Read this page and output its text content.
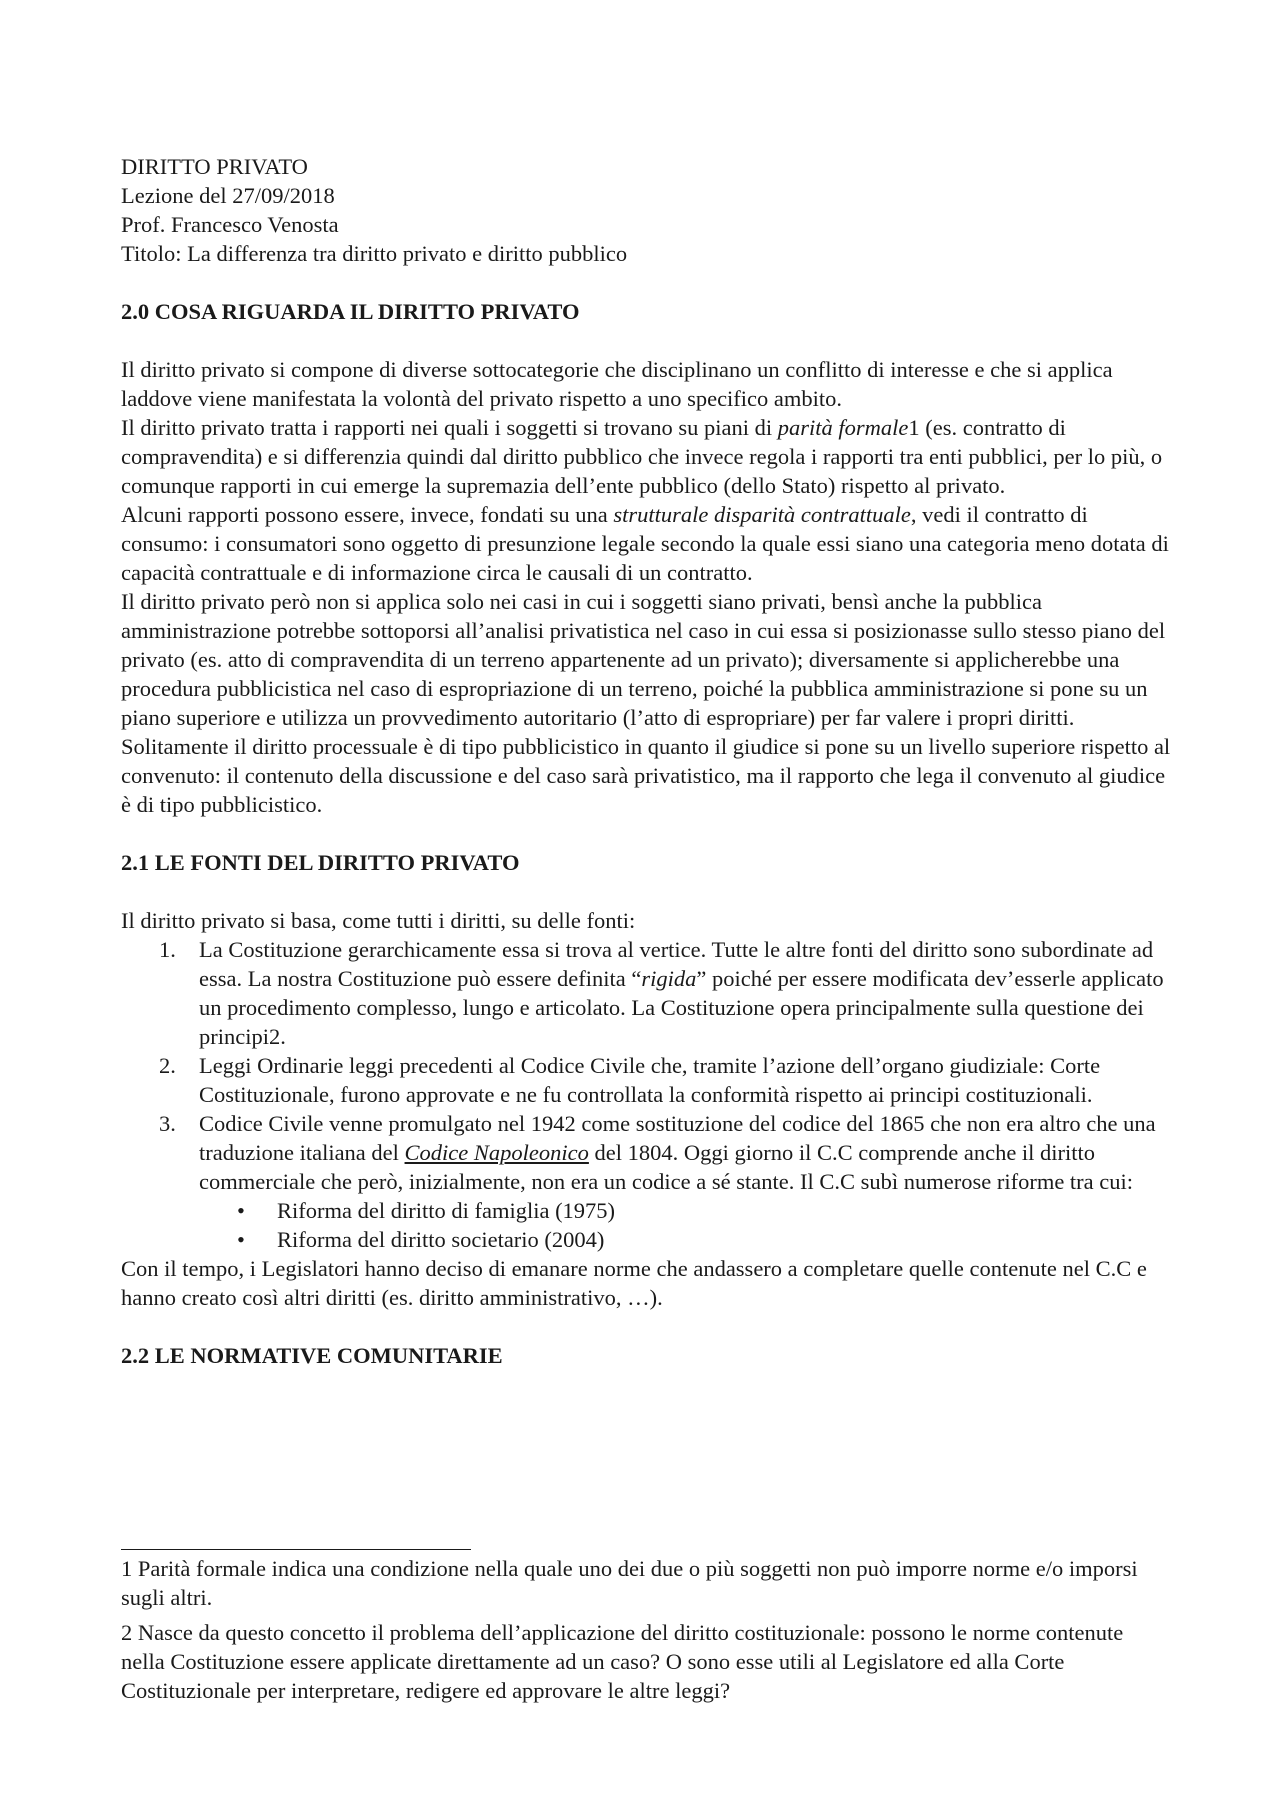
DIRITTO PRIVATO
Lezione del 27/09/2018
Prof. Francesco Venosta
Titolo: La differenza tra diritto privato e diritto pubblico

2.0 COSA RIGUARDA IL DIRITTO PRIVATO

Il diritto privato si compone di diverse sottocategorie che disciplinano un conflitto di interesse e che si applica laddove viene manifestata la volontà del privato rispetto a uno specifico ambito.

Il diritto privato tratta i rapporti nei quali i soggetti si trovano su piani di parità formale1 (es. contratto di compravendita) e si differenzia quindi dal diritto pubblico che invece regola i rapporti tra enti pubblici, per lo più, o comunque rapporti in cui emerge la supremazia dell’ente pubblico (dello Stato) rispetto al privato.

Alcuni rapporti possono essere, invece, fondati su una strutturale disparità contrattuale, vedi il contratto di consumo: i consumatori sono oggetto di presunzione legale secondo la quale essi siano una categoria meno dotata di capacità contrattuale e di informazione circa le causali di un contratto.

Il diritto privato però non si applica solo nei casi in cui i soggetti siano privati, bensì anche la pubblica amministrazione potrebbe sottoporsi all’analisi privatistica nel caso in cui essa si posizionasse sullo stesso piano del privato (es. atto di compravendita di un terreno appartenente ad un privato); diversamente si applicherebbe una procedura pubblicistica nel caso di espropriazione di un terreno, poiché la pubblica amministrazione si pone su un piano superiore e utilizza un provvedimento autoritario (l’atto di espropriare) per far valere i propri diritti.

Solitamente il diritto processuale è di tipo pubblicistico in quanto il giudice si pone su un livello superiore rispetto al convenuto: il contenuto della discussione e del caso sarà privatistico, ma il rapporto che lega il convenuto al giudice è di tipo pubblicistico.

2.1 LE FONTI DEL DIRITTO PRIVATO

Il diritto privato si basa, come tutti i diritti, su delle fonti:

1. La Costituzione gerarchicamente essa si trova al vertice. Tutte le altre fonti del diritto sono subordinate ad essa. La nostra Costituzione può essere definita “rigida” poiché per essere modificata dev’esserle applicato un procedimento complesso, lungo e articolato. La Costituzione opera principalmente sulla questione dei principi2.
2. Leggi Ordinarie leggi precedenti al Codice Civile che, tramite l’azione dell’organo giudiziale: Corte Costituzionale, furono approvate e ne fu controllata la conformità rispetto ai principi costituzionali.
3. Codice Civile venne promulgato nel 1942 come sostituzione del codice del 1865 che non era altro che una traduzione italiana del Codice Napoleonico del 1804. Oggi giorno il C.C comprende anche il diritto commerciale che però, inizialmente, non era un codice a sé stante. Il C.C subì numerose riforme tra cui:
• Riforma del diritto di famiglia (1975)
• Riforma del diritto societario (2004)

Con il tempo, i Legislatori hanno deciso di emanare norme che andassero a completare quelle contenute nel C.C e hanno creato così altri diritti (es. diritto amministrativo, …).

2.2 LE NORMATIVE COMUNITARIE

1 Parità formale indica una condizione nella quale uno dei due o più soggetti non può imporre norme e/o imporsi sugli altri.

2 Nasce da questo concetto il problema dell’applicazione del diritto costituzionale: possono le norme contenute nella Costituzione essere applicate direttamente ad un caso? O sono esse utili al Legislatore ed alla Corte Costituzionale per interpretare, redigere ed approvare le altre leggi?
